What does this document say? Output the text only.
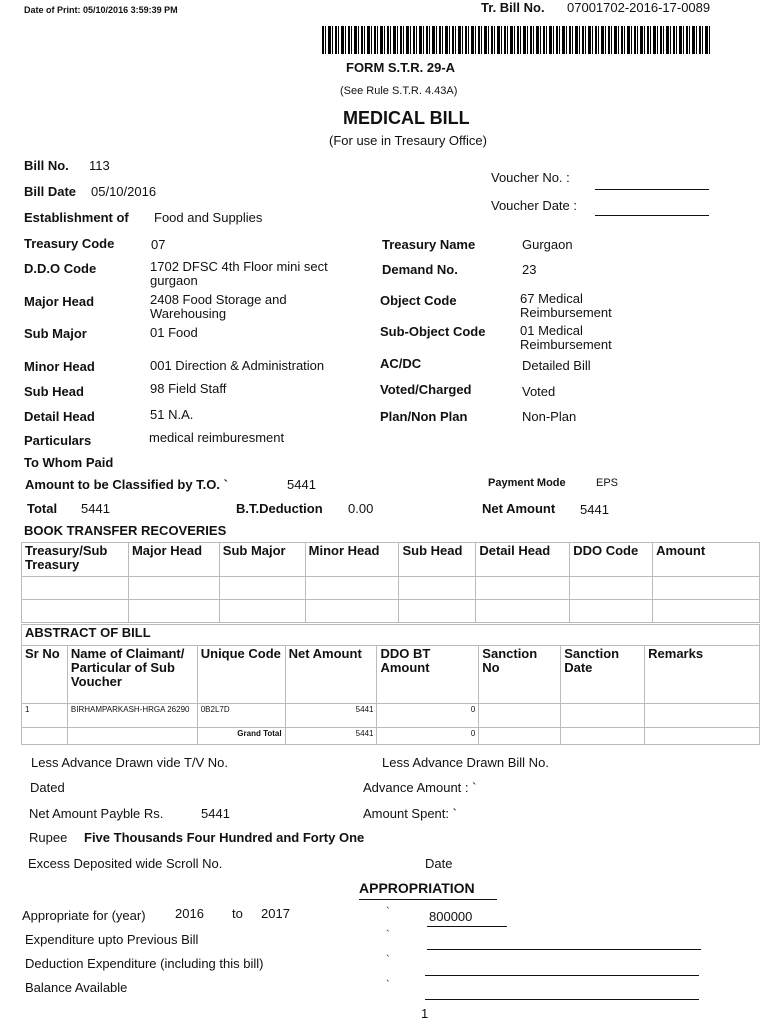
Date of Print: 05/10/2016 3:59:39 PM	Tr. Bill No. 07001702-2016-17-0089
FORM S.T.R. 29-A
(See Rule S.T.R. 4.43A)
MEDICAL BILL
(For use in Tresaury Office)
Bill No. 113
Bill Date 05/10/2016
Establishment of Food and Supplies
Voucher No. :
Voucher Date :
Treasury Code	07
D.D.O Code	1702 DFSC 4th Floor mini sect gurgaon
Major Head	2408 Food Storage and Warehousing
Sub Major	01 Food
Minor Head	001 Direction & Administration
Sub Head	98 Field Staff
Detail Head	51 N.A.
Particulars	medical reimburesment
To Whom Paid
Treasury Name	Gurgaon
Demand No.	23
Object Code	67 Medical Reimbursement
Sub-Object Code	01 Medical Reimbursement
AC/DC	Detailed Bill
Voted/Charged	Voted
Plan/Non Plan	Non-Plan
Amount to be Classified by T.O. `	5441	Payment Mode	EPS
Total 5441	B.T.Deduction 0.00	Net Amount 5441
BOOK TRANSFER RECOVERIES
Treasury/Sub Treasury	Major Head	Sub Major	Minor Head	Sub Head	Detail Head	DDO Code	Amount

ABSTRACT OF BILL							
Sr No	Name of Claimant/ Particular of Sub Voucher	Unique Code	Net Amount	DDO BT Amount	Sanction No	Sanction Date	Remarks
1	BIRHAMPARKASH-HRGA 26290	0B2L7D	5441	0			
		Grand Total	5441	0			
Less Advance Drawn vide T/V No.	Less Advance Drawn Bill No.
Dated	Advance Amount : `
Net Amount Payble Rs.	5441	Amount Spent: `
Rupee Five Thousands Four Hundred and Forty One
Excess Deposited wide Scroll No.	Date
APPROPRIATION
Appropriate for (year) 2016 to 2017	`	800000
Expenditure upto Previous Bill	`
Deduction Expenditure (including this bill)	`
Balance Available	`
1
